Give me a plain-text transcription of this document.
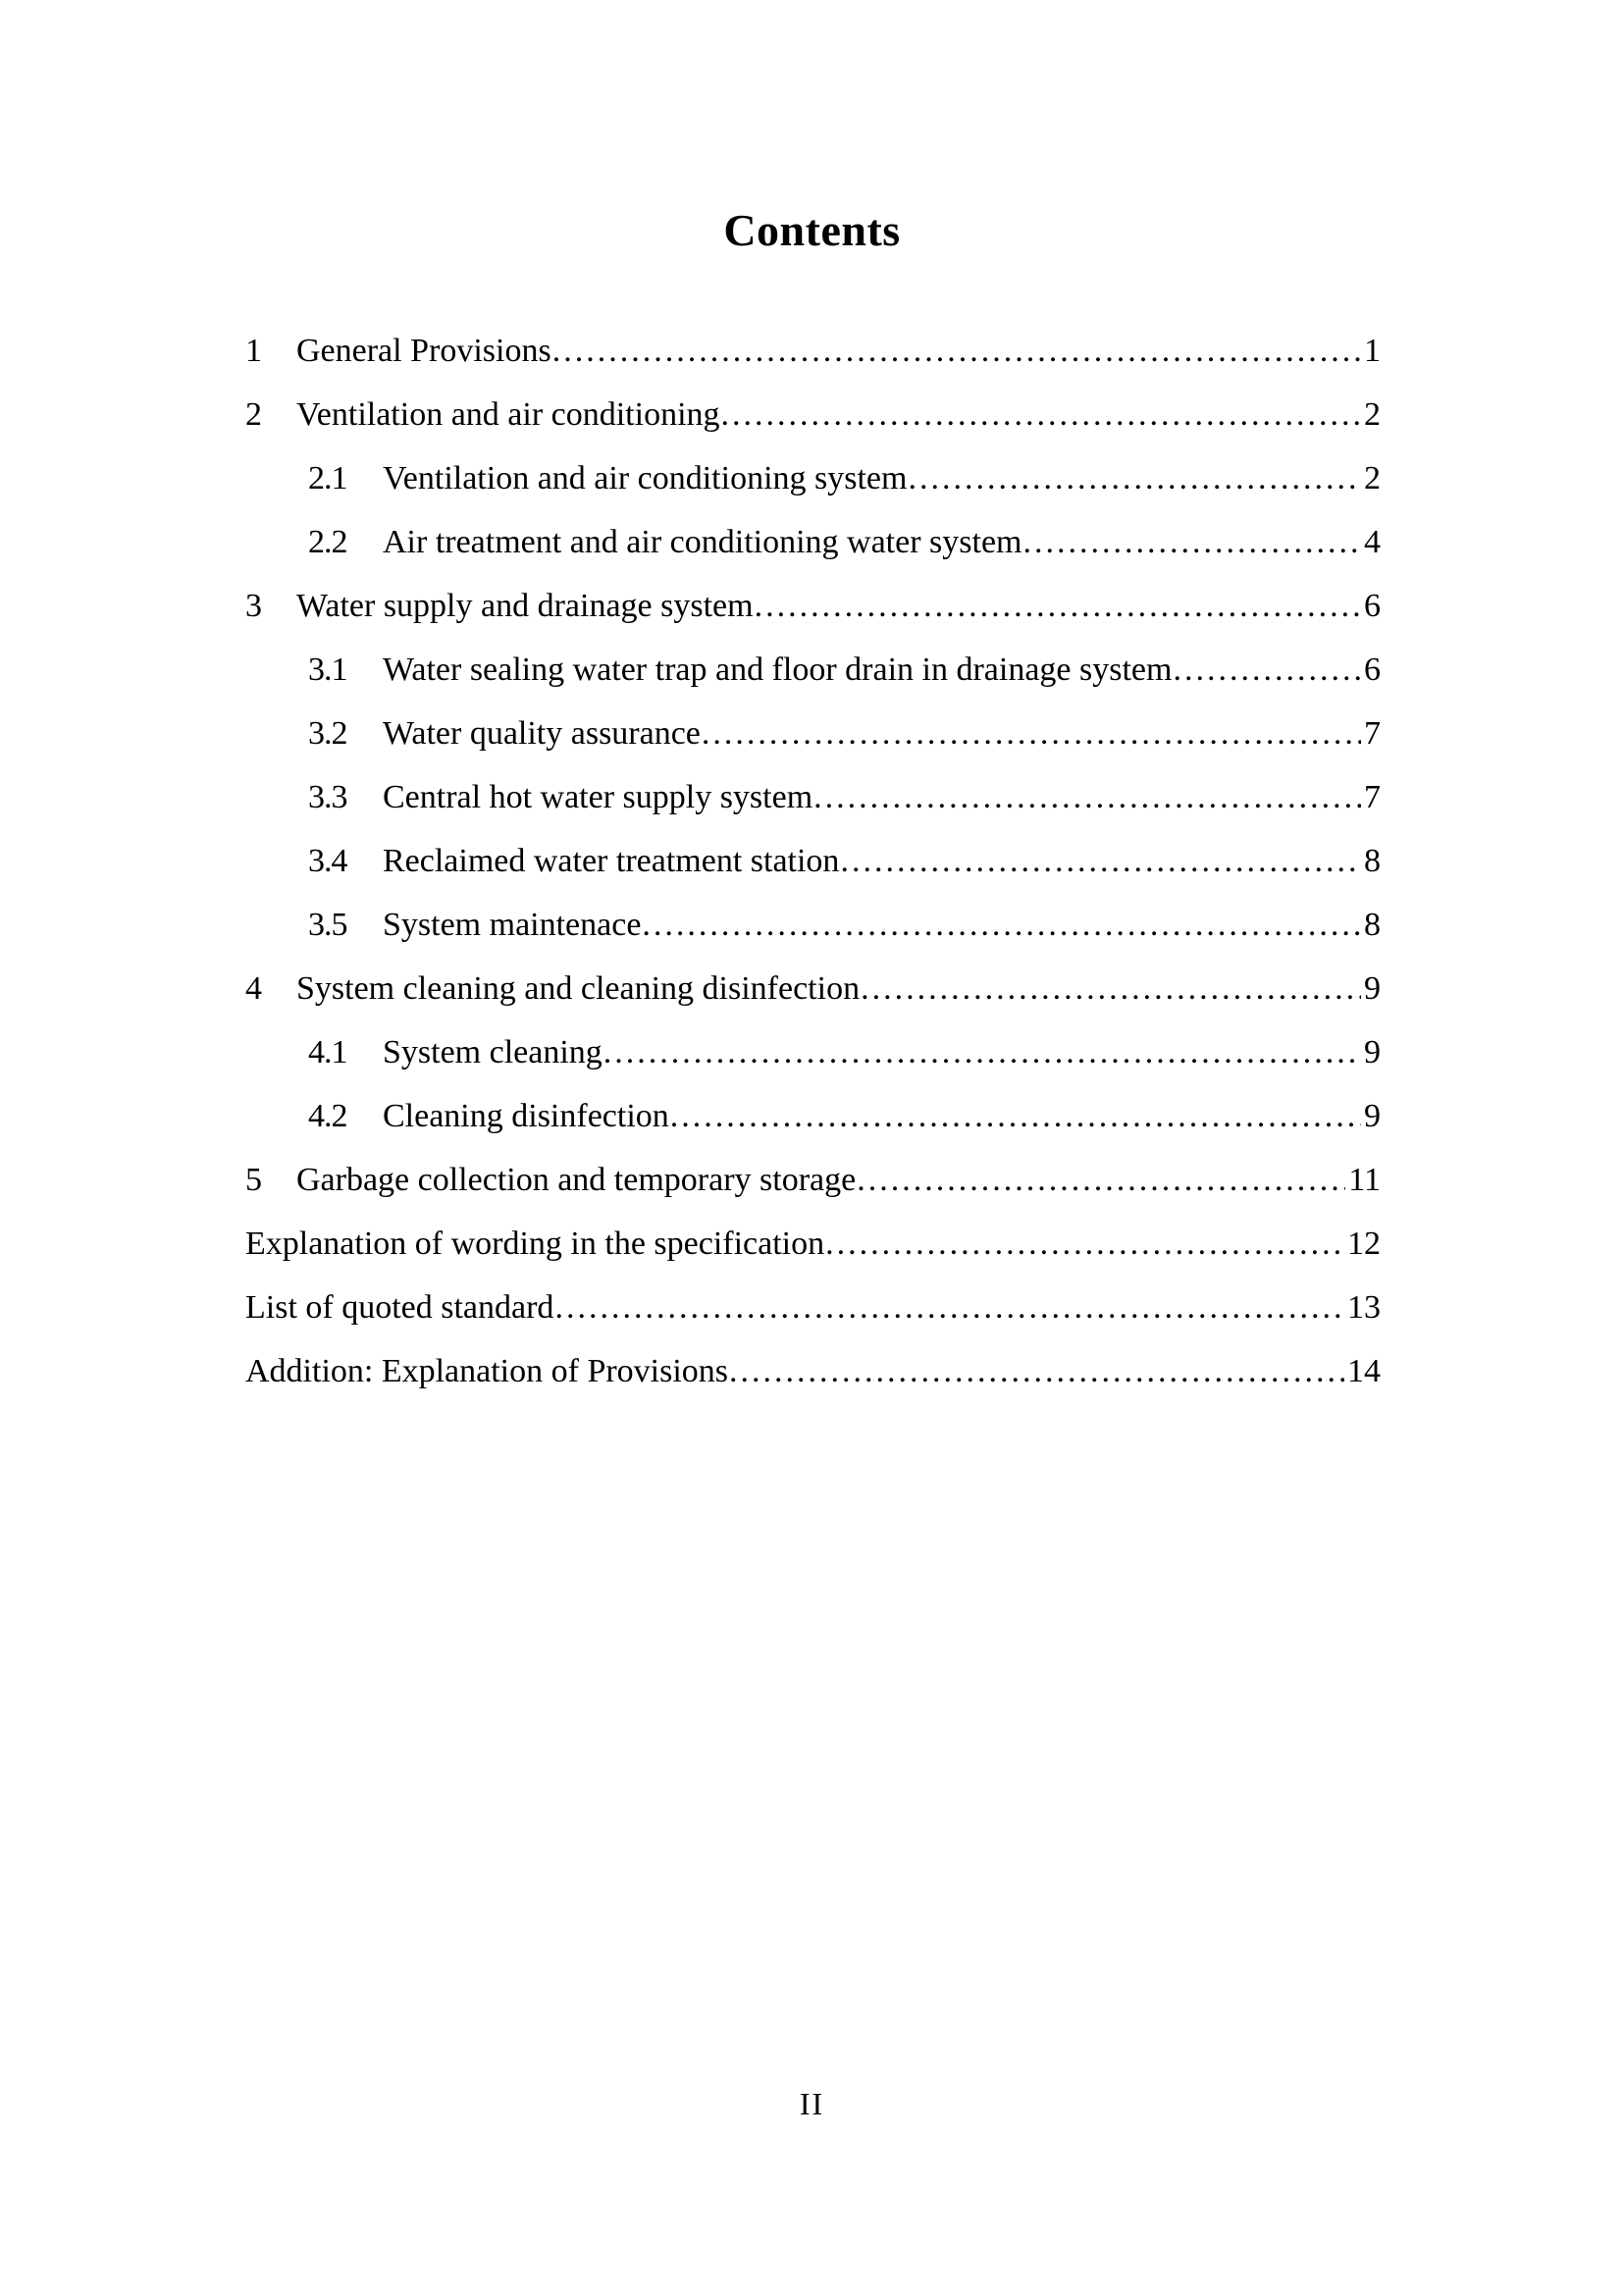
Contents
1	General Provisions .....	1
2	Ventilation and air conditioning .....	2
2.1	Ventilation and air conditioning system .....	2
2.2	Air treatment and air conditioning water system .....	4
3	Water supply and drainage system .....	6
3.1	Water sealing water trap and floor drain in drainage system .....	6
3.2	Water quality assurance .....	7
3.3	Central hot water supply system .....	7
3.4	Reclaimed water treatment station .....	8
3.5	System maintenace .....	8
4	System cleaning and cleaning disinfection .....	9
4.1	System cleaning .....	9
4.2	Cleaning disinfection .....	9
5	Garbage collection and temporary storage .....	11
Explanation of wording in the specification .....	12
List of quoted standard .....	13
Addition: Explanation of Provisions .....	14
II
